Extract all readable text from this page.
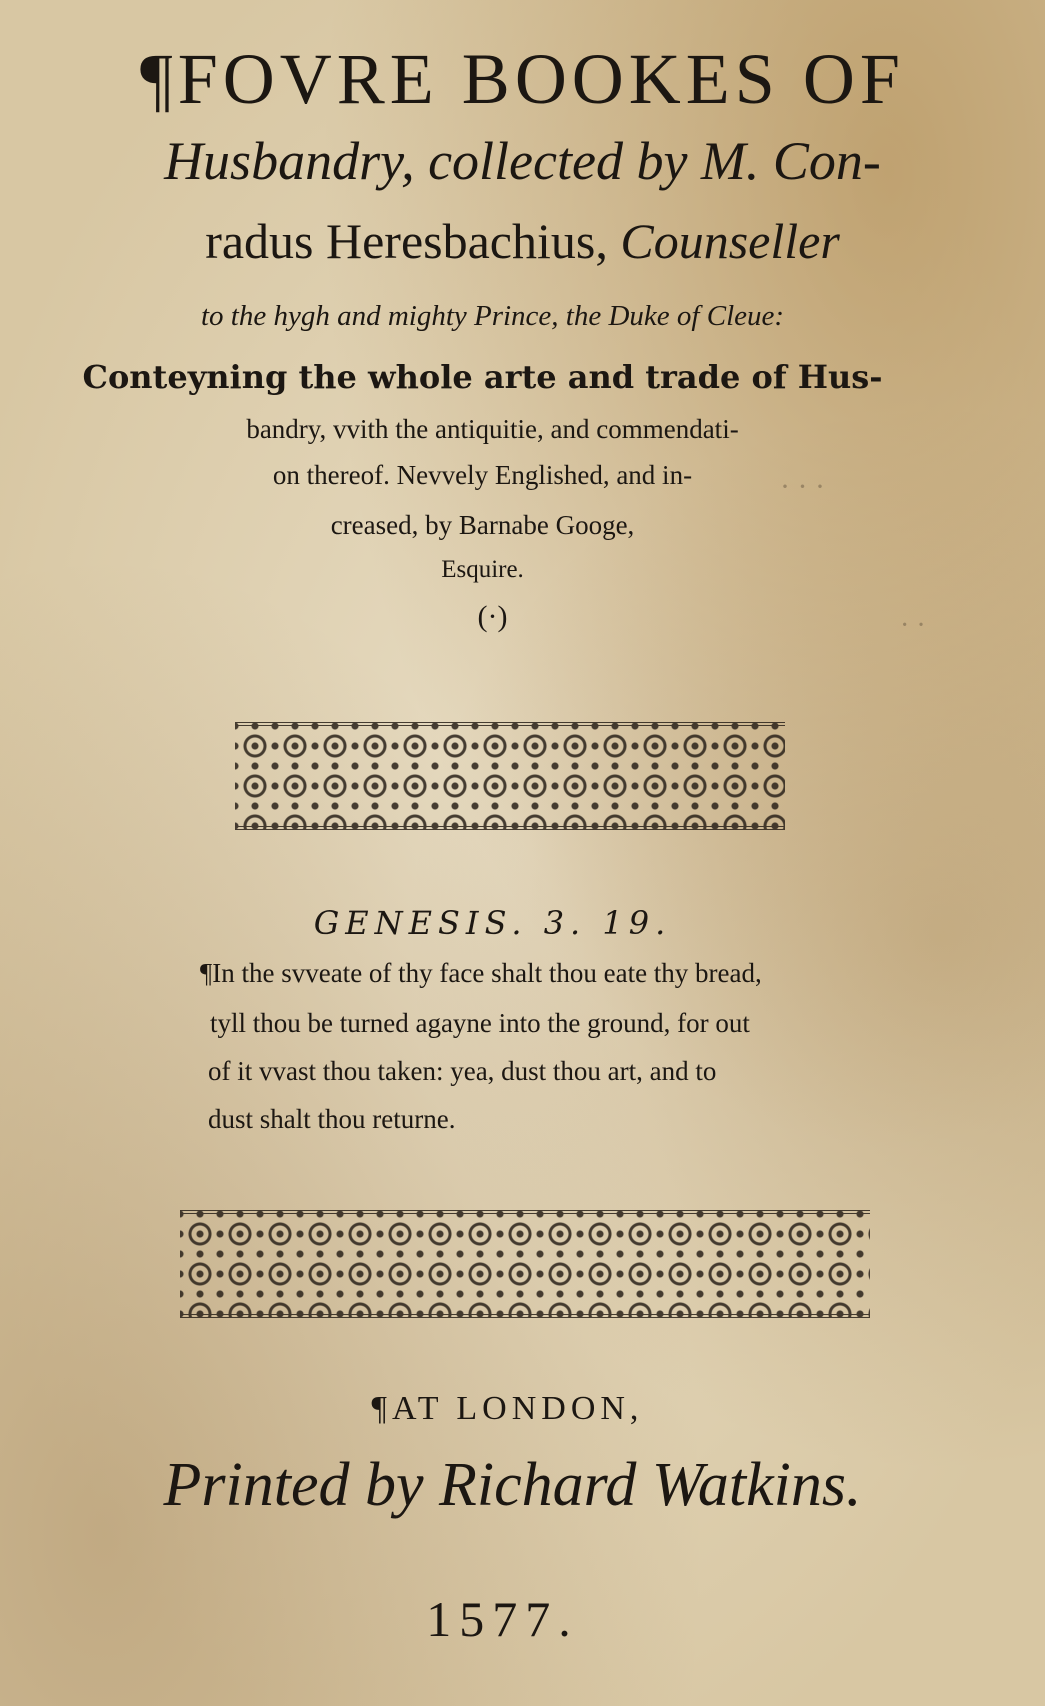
¶FOVRE BOOKES OF
Husbandry, collected by M. Con-
radus Heresbachius, Counseller
to the hygh and mighty Prince, the Duke of Cleue:
Conteyning the whole arte and trade of Hus-
bandry, vvith the antiquitie, and commendati-
on thereof. Nevvely Englished, and in-
creased, by Barnabe Googe,
Esquire.
(·)
GENESIS. 3. 19.
¶In the svveate of thy face shalt thou eate thy bread,
tyll thou be turned agayne into the ground, for out
of it vvast thou taken: yea, dust thou art, and to
dust shalt thou returne.
¶AT LONDON,
Printed by Richard Watkins.
1577.
· · ·
· ·
